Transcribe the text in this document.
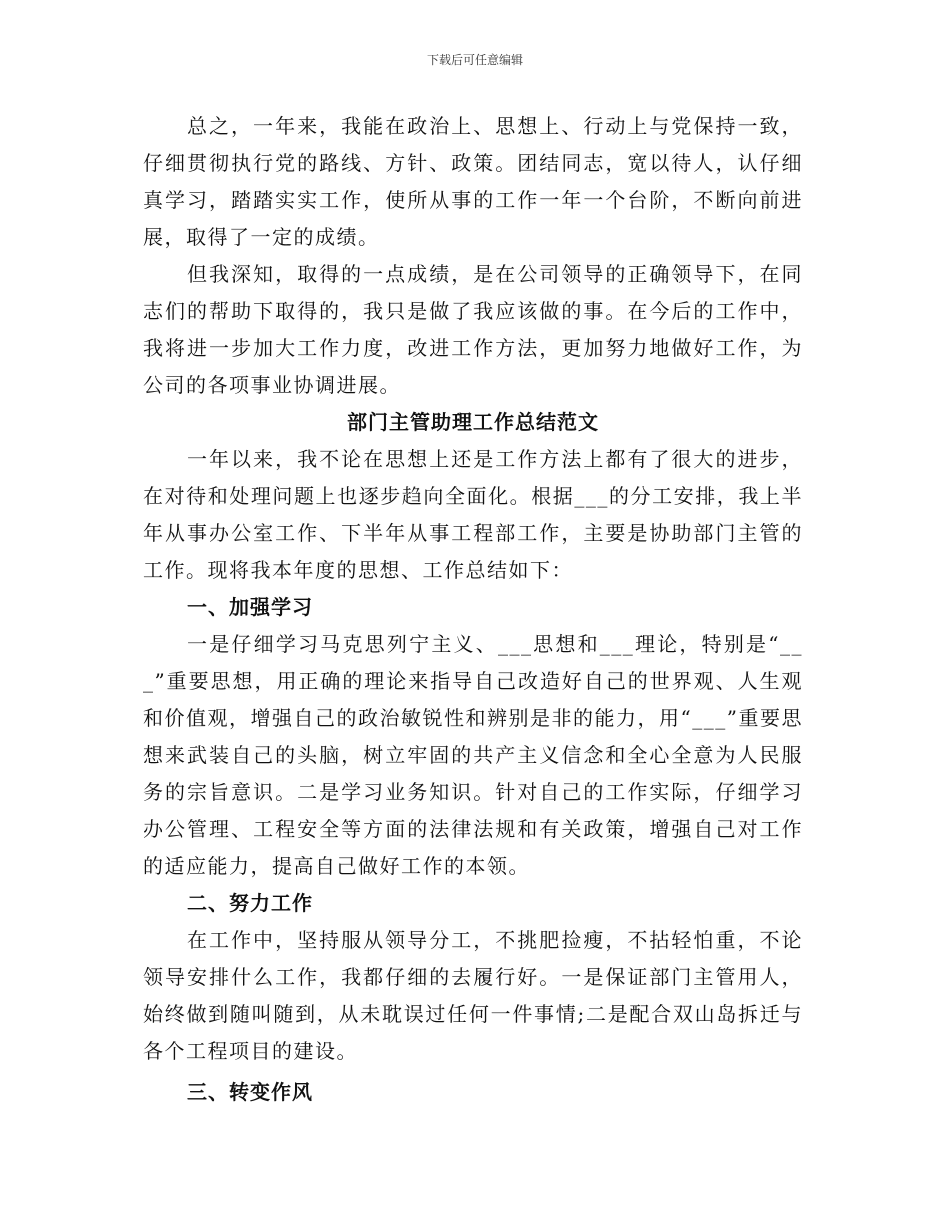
下载后可任意编辑

总之，一年来，我能在政治上、思想上、行动上与党保持一致，仔细贯彻执行党的路线、方针、政策。团结同志，宽以待人，认仔细真学习，踏踏实实工作，使所从事的工作一年一个台阶，不断向前进展，取得了一定的成绩。

但我深知，取得的一点成绩，是在公司领导的正确领导下，在同志们的帮助下取得的，我只是做了我应该做的事。在今后的工作中，我将进一步加大工作力度，改进工作方法，更加努力地做好工作，为公司的各项事业协调进展。

部门主管助理工作总结范文

一年以来，我不论在思想上还是工作方法上都有了很大的进步，在对待和处理问题上也逐步趋向全面化。根据___的分工安排，我上半年从事办公室工作、下半年从事工程部工作，主要是协助部门主管的工作。现将我本年度的思想、工作总结如下：

一、加强学习

一是仔细学习马克思列宁主义、___思想和___理论，特别是“___”重要思想，用正确的理论来指导自己改造好自己的世界观、人生观和价值观，增强自己的政治敏锐性和辨别是非的能力，用“___”重要思想来武装自己的头脑，树立牢固的共产主义信念和全心全意为人民服务的宗旨意识。二是学习业务知识。针对自己的工作实际，仔细学习办公管理、工程安全等方面的法律法规和有关政策，增强自己对工作的适应能力，提高自己做好工作的本领。

二、努力工作

在工作中，坚持服从领导分工，不挑肥捡瘦，不拈轻怕重，不论领导安排什么工作，我都仔细的去履行好。一是保证部门主管用人，始终做到随叫随到，从未耽误过任何一件事情;二是配合双山岛拆迁与各个工程项目的建设。

三、转变作风
